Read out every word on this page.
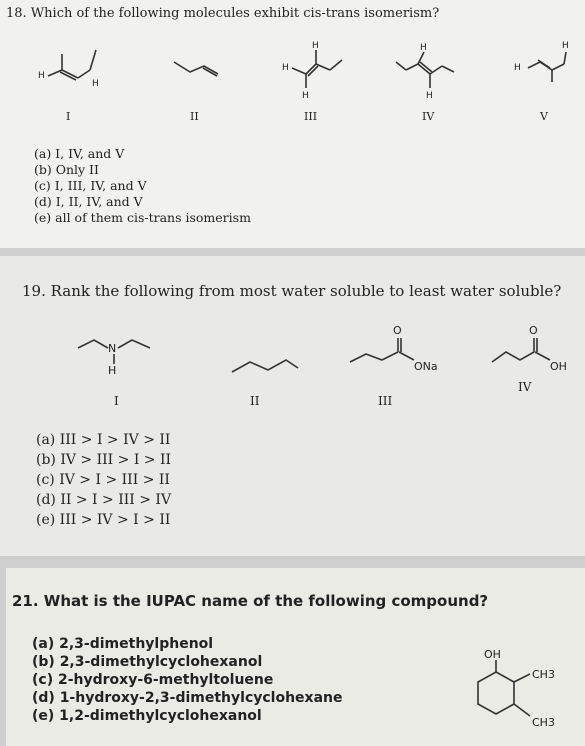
18. Which of the following molecules exhibit cis-trans isomerism?
H
H
H
H
H
H
H
H
H
I	II	III	IV	V
(a) I, IV, and V
(b) Only II
(c) I, III, IV, and V
(d) I, II, IV, and V
(e) all of them cis-trans isomerism
19. Rank the following from most water soluble to least water soluble?
N
H
O
ONa
O
OH
I	II	III
IV
(a) III > I > IV > II
(b) IV > III > I > II
(c) IV > I > III > II
(d) II > I > III > IV
(e) III > IV > I > II
21. What is the IUPAC name of the following compound?
(a) 2,3-dimethylphenol
(b) 2,3-dimethylcyclohexanol
(c) 2-hydroxy-6-methyltoluene
(d) 1-hydroxy-2,3-dimethylcyclohexane
(e) 1,2-dimethylcyclohexanol
OH
CH3
CH3
